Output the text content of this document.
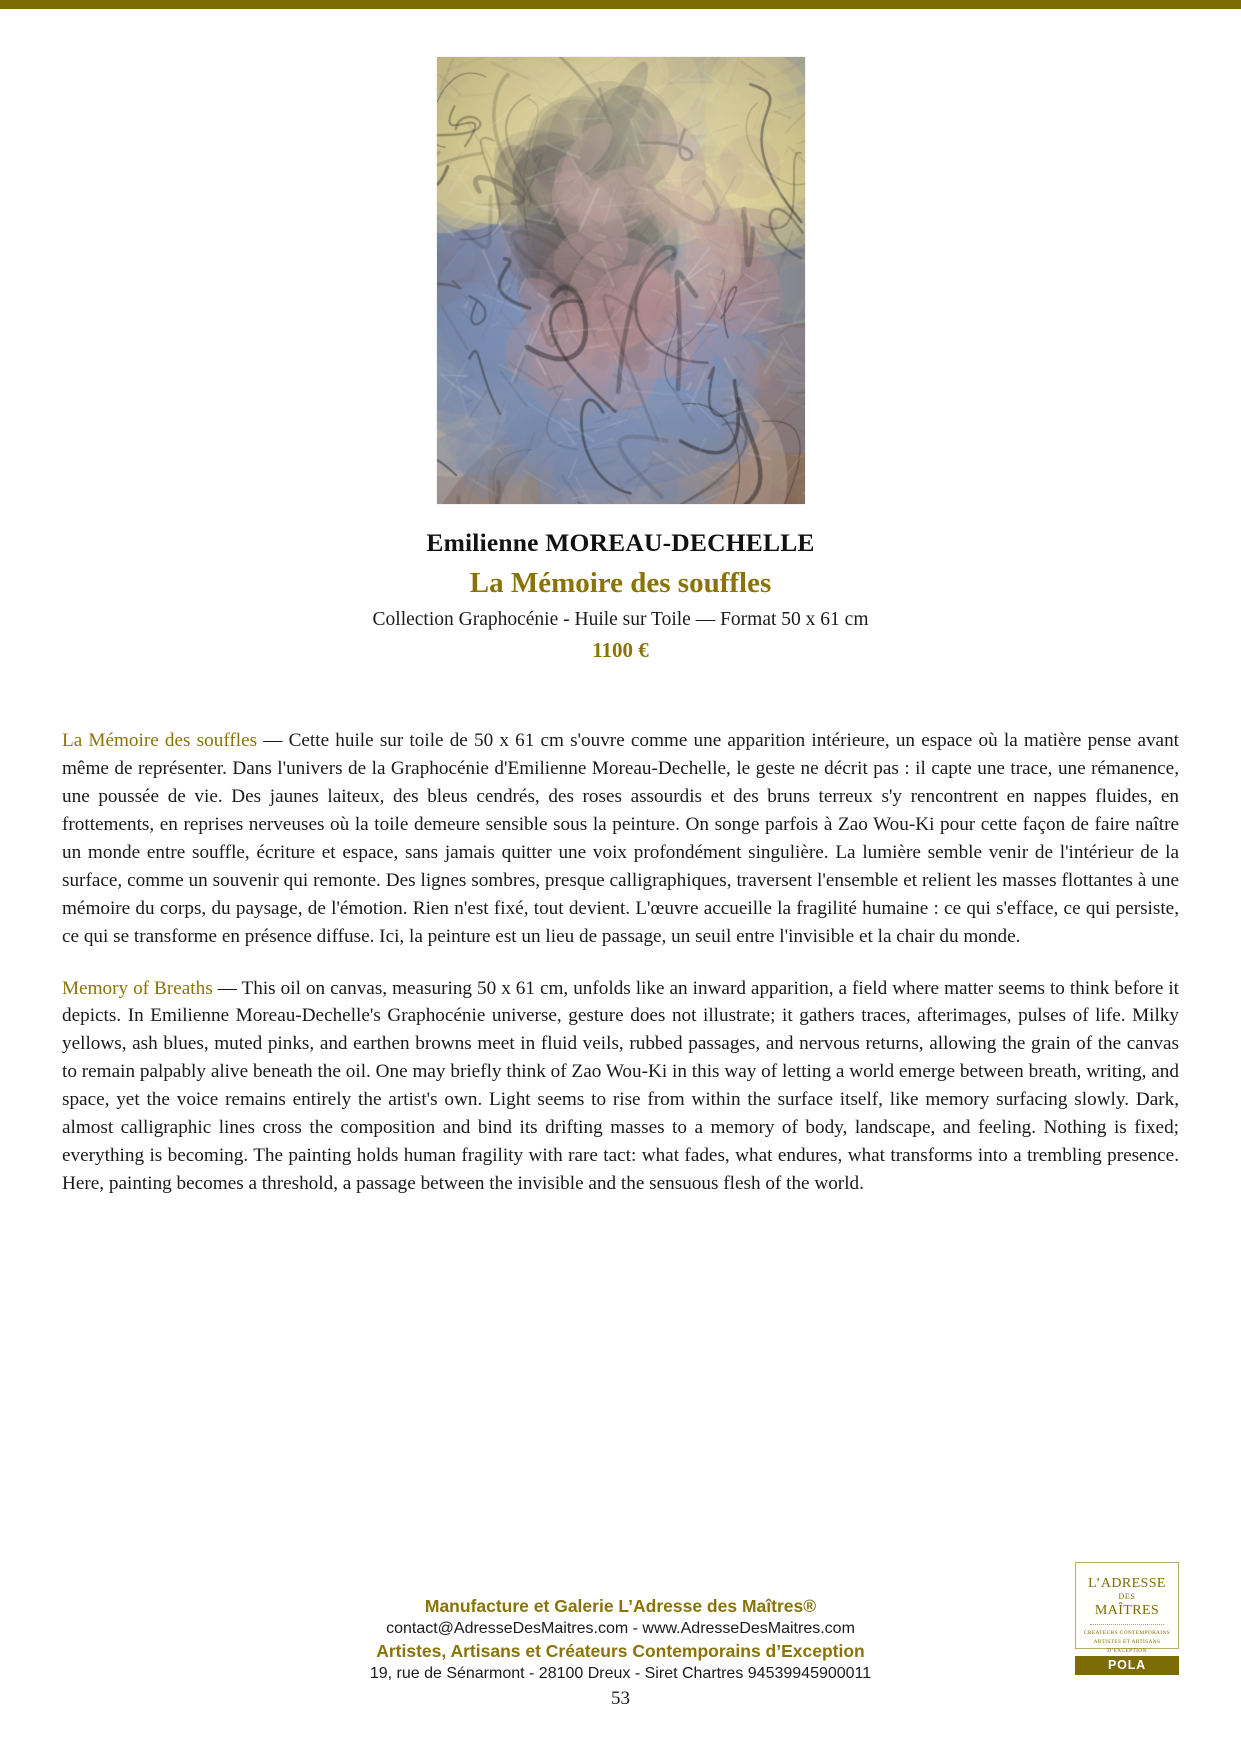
Emilienne MOREAU-DECHELLE
La Mémoire des souffles
Collection Graphocénie - Huile sur Toile — Format 50 x 61 cm
1100 €

La Mémoire des souffles — Cette huile sur toile de 50 x 61 cm s'ouvre comme une apparition intérieure, un espace où la matière pense avant même de représenter. Dans l'univers de la Graphocénie d'Emilienne Moreau-Dechelle, le geste ne décrit pas : il capte une trace, une rémanence, une poussée de vie. Des jaunes laiteux, des bleus cendrés, des roses assourdis et des bruns terreux s'y rencontrent en nappes fluides, en frottements, en reprises nerveuses où la toile demeure sensible sous la peinture. On songe parfois à Zao Wou-Ki pour cette façon de faire naître un monde entre souffle, écriture et espace, sans jamais quitter une voix profondément singulière. La lumière semble venir de l'intérieur de la surface, comme un souvenir qui remonte. Des lignes sombres, presque calligraphiques, traversent l'ensemble et relient les masses flottantes à une mémoire du corps, du paysage, de l'émotion. Rien n'est fixé, tout devient. L'œuvre accueille la fragilité humaine : ce qui s'efface, ce qui persiste, ce qui se transforme en présence diffuse. Ici, la peinture est un lieu de passage, un seuil entre l'invisible et la chair du monde.

Memory of Breaths — This oil on canvas, measuring 50 x 61 cm, unfolds like an inward apparition, a field where matter seems to think before it depicts. In Emilienne Moreau-Dechelle's Graphocénie universe, gesture does not illustrate; it gathers traces, afterimages, pulses of life. Milky yellows, ash blues, muted pinks, and earthen browns meet in fluid veils, rubbed passages, and nervous returns, allowing the grain of the canvas to remain palpably alive beneath the oil. One may briefly think of Zao Wou-Ki in this way of letting a world emerge between breath, writing, and space, yet the voice remains entirely the artist's own. Light seems to rise from within the surface itself, like memory surfacing slowly. Dark, almost calligraphic lines cross the composition and bind its drifting masses to a memory of body, landscape, and feeling. Nothing is fixed; everything is becoming. The painting holds human fragility with rare tact: what fades, what endures, what transforms into a trembling presence. Here, painting becomes a threshold, a passage between the invisible and the sensuous flesh of the world.

Manufacture et Galerie L’Adresse des Maîtres®
contact@AdresseDesMaitres.com - www.AdresseDesMaitres.com
Artistes, Artisans et Créateurs Contemporains d’Exception
19, rue de Sénarmont - 28100 Dreux - Siret Chartres 94539945900011
53
L’ADRESSE
DES
MAÎTRES
CRÉATEURS CONTEMPORAINS
ARTISTES ET ARTISANS
D’EXCEPTION
POLA
